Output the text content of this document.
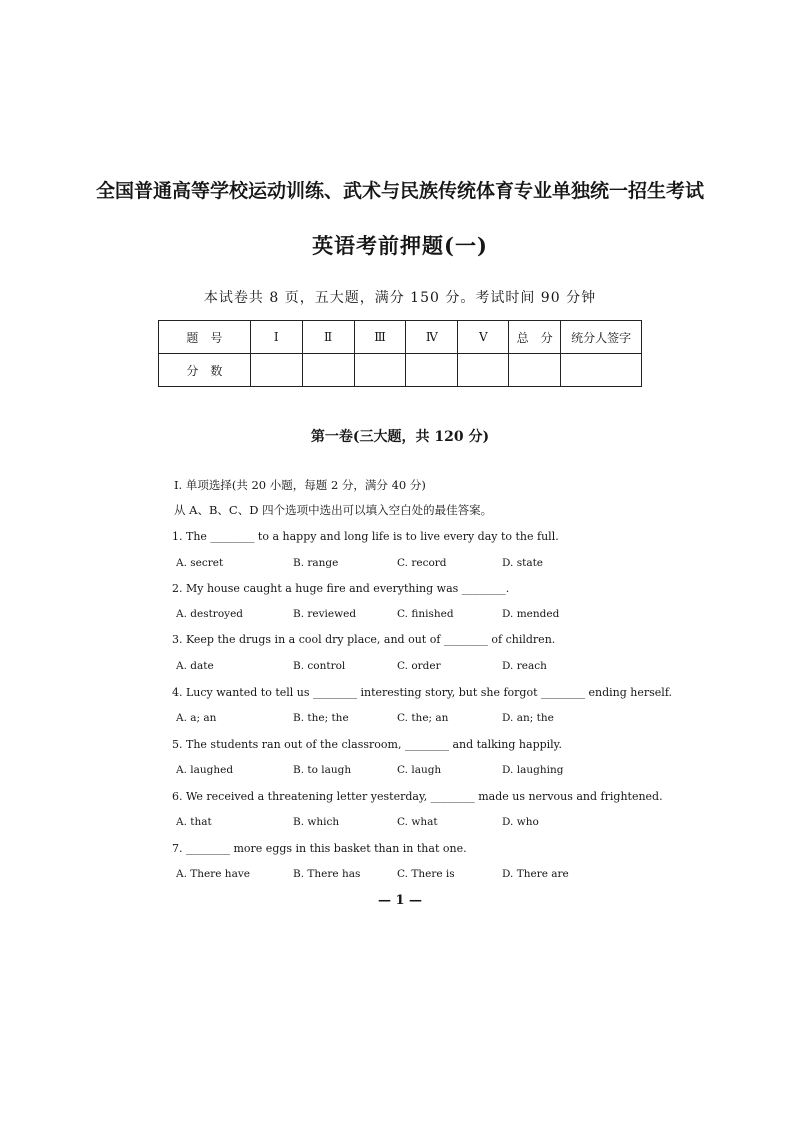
全国普通高等学校运动训练、武术与民族传统体育专业单独统一招生考试
英语考前押题(一)
本试卷共 8 页，五大题，满分 150 分。考试时间 90 分钟
题　号	Ⅰ	Ⅱ	Ⅲ	Ⅳ	Ⅴ	总　分	统分人签字
分　数							
第一卷(三大题，共 120 分)
Ⅰ. 单项选择(共 20 小题，每题 2 分，满分 40 分)
从 A、B、C、D 四个选项中选出可以填入空白处的最佳答案。
1. The ________ to a happy and long life is to live every day to the full.
A. secret	B. range	C. record	D. state
2. My house caught a huge fire and everything was ________.
A. destroyed	B. reviewed	C. finished	D. mended
3. Keep the drugs in a cool dry place, and out of ________ of children.
A. date	B. control	C. order	D. reach
4. Lucy wanted to tell us ________ interesting story, but she forgot ________ ending herself.
A. a; an	B. the; the	C. the; an	D. an; the
5. The students ran out of the classroom, ________ and talking happily.
A. laughed	B. to laugh	C. laugh	D. laughing
6. We received a threatening letter yesterday, ________ made us nervous and frightened.
A. that	B. which	C. what	D. who
7. ________ more eggs in this basket than in that one.
A. There have	B. There has	C. There is	D. There are
— 1 —
